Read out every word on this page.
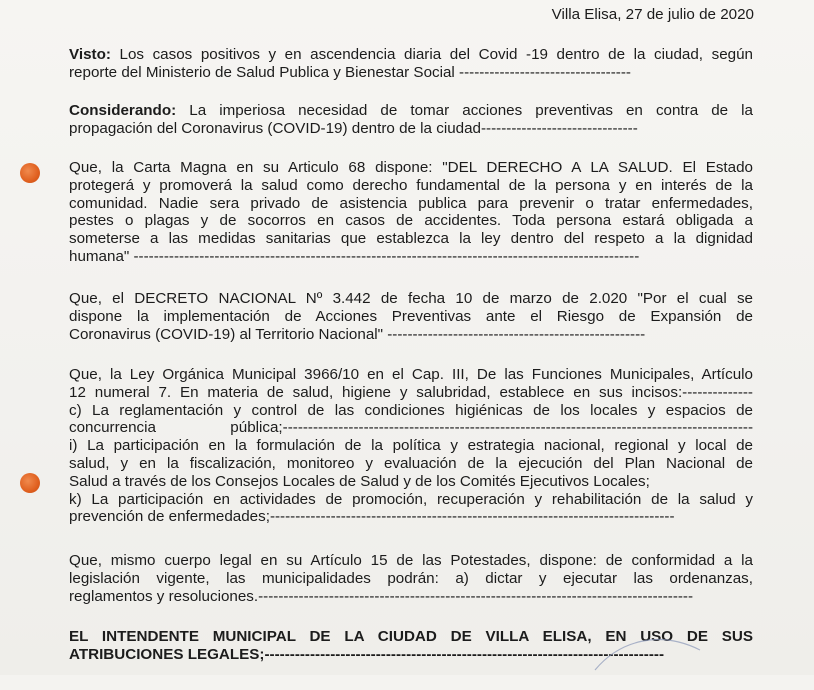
Villa Elisa, 27 de julio de 2020

Visto: Los casos positivos y en ascendencia diaria del Covid -19 dentro de la ciudad, según
reporte del Ministerio de Salud Publica y Bienestar Social ----------------------------------

Considerando: La imperiosa necesidad de tomar acciones preventivas en contra de la
propagación del Coronavirus (COVID-19) dentro de la ciudad-------------------------------

Que, la Carta Magna en su Articulo 68 dispone: "DEL DERECHO A LA SALUD. El Estado
protegerá y promoverá la salud como derecho fundamental de la persona y en interés de la
comunidad. Nadie sera privado de asistencia publica para prevenir o tratar enfermedades,
pestes o plagas y de socorros en casos de accidentes. Toda persona estará obligada a
someterse a las medidas sanitarias que establezca la ley dentro del respeto a la dignidad
humana" ----------------------------------------------------------------------------------------------------

Que, el DECRETO NACIONAL Nº 3.442 de fecha 10 de marzo de 2.020 "Por el cual se
dispone la implementación de Acciones Preventivas ante el Riesgo de Expansión de
Coronavirus (COVID-19) al Territorio Nacional" ---------------------------------------------------

Que, la Ley Orgánica Municipal 3966/10 en el Cap. III, De las Funciones Municipales, Artículo
12 numeral 7. En materia de salud, higiene y salubridad, establece en sus incisos:--------------
c) La reglamentación y control de las condiciones higiénicas de los locales y espacios de
concurrencia pública;---------------------------------------------------------------------------------------------
i) La participación en la formulación de la política y estrategia nacional, regional y local de
salud, y en la fiscalización, monitoreo y evaluación de la ejecución del Plan Nacional de
Salud a través de los Consejos Locales de Salud y de los Comités Ejecutivos Locales;
k) La participación en actividades de promoción, recuperación y rehabilitación de la salud y
prevención de enfermedades;--------------------------------------------------------------------------------

Que, mismo cuerpo legal en su Artículo 15 de las Potestades, dispone: de conformidad a la
legislación vigente, las municipalidades podrán: a) dictar y ejecutar las ordenanzas,
reglamentos y resoluciones.--------------------------------------------------------------------------------------

EL INTENDENTE MUNICIPAL DE LA CIUDAD DE VILLA ELISA, EN USO DE SUS
ATRIBUCIONES LEGALES;-------------------------------------------------------------------------------
